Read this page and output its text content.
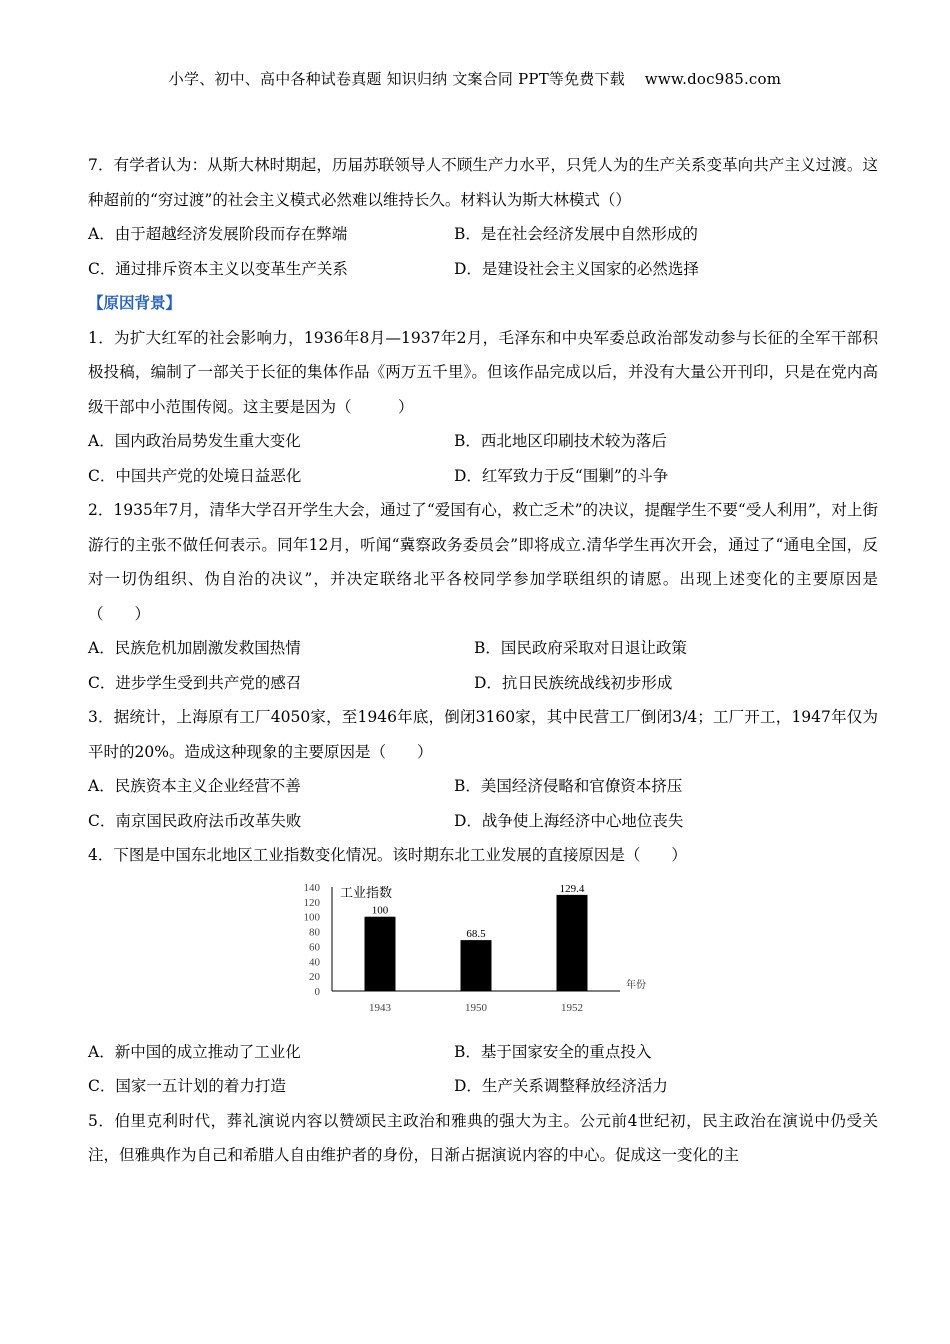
小学、初中、高中各种试卷真题 知识归纳 文案合同 PPT等免费下载 www.doc985.com

7．有学者认为：从斯大林时期起，历届苏联领导人不顾生产力水平，只凭人为的生产关系变革向共产主义过渡。这种超前的“穷过渡”的社会主义模式必然难以维持长久。材料认为斯大林模式（）

A．由于超越经济发展阶段而存在弊端	B．是在社会经济发展中自然形成的
C．通过排斥资本主义以变革生产关系	D．是建设社会主义国家的必然选择
【原因背景】

1．为扩大红军的社会影响力，1936年8月—1937年2月，毛泽东和中央军委总政治部发动参与长征的全军干部积极投稿，编制了一部关于长征的集体作品《两万五千里》。但该作品完成以后，并没有大量公开刊印，只是在党内高级干部中小范围传阅。这主要是因为（　　　）

A．国内政治局势发生重大变化	B．西北地区印刷技术较为落后
C．中国共产党的处境日益恶化	D．红军致力于反“围剿”的斗争

2．1935年7月，清华大学召开学生大会，通过了“爱国有心，救亡乏术”的决议，提醒学生不要“受人利用”，对上街游行的主张不做任何表示。同年12月，听闻“冀察政务委员会”即将成立.清华学生再次开会，通过了“通电全国，反对一切伪组织、伪自治的决议”，并决定联络北平各校同学参加学联组织的请愿。出现上述变化的主要原因是（　　）

A．民族危机加剧激发救国热情	B．国民政府采取对日退让政策
C．进步学生受到共产党的感召	D．抗日民族统战线初步形成

3．据统计，上海原有工厂4050家，至1946年底，倒闭3160家，其中民营工厂倒闭3/4；工厂开工，1947年仅为平时的20%。造成这种现象的主要原因是（　　）

A．民族资本主义企业经营不善	B．美国经济侵略和官僚资本挤压
C．南京国民政府法币改革失败	D．战争使上海经济中心地位丧失

4．下图是中国东北地区工业指数变化情况。该时期东北工业发展的直接原因是（　　）

0
20
40
60
80
100
120
140 工业指数
年份
100
1943
68.5
1950
129.4
1952
A．新中国的成立推动了工业化	B．基于国家安全的重点投入
C．国家一五计划的着力打造	D．生产关系调整释放经济活力

5．伯里克利时代，葬礼演说内容以赞颂民主政治和雅典的强大为主。公元前4世纪初，民主政治在演说中仍受关注，但雅典作为自己和希腊人自由维护者的身份，日渐占据演说内容的中心。促成这一变化的主
